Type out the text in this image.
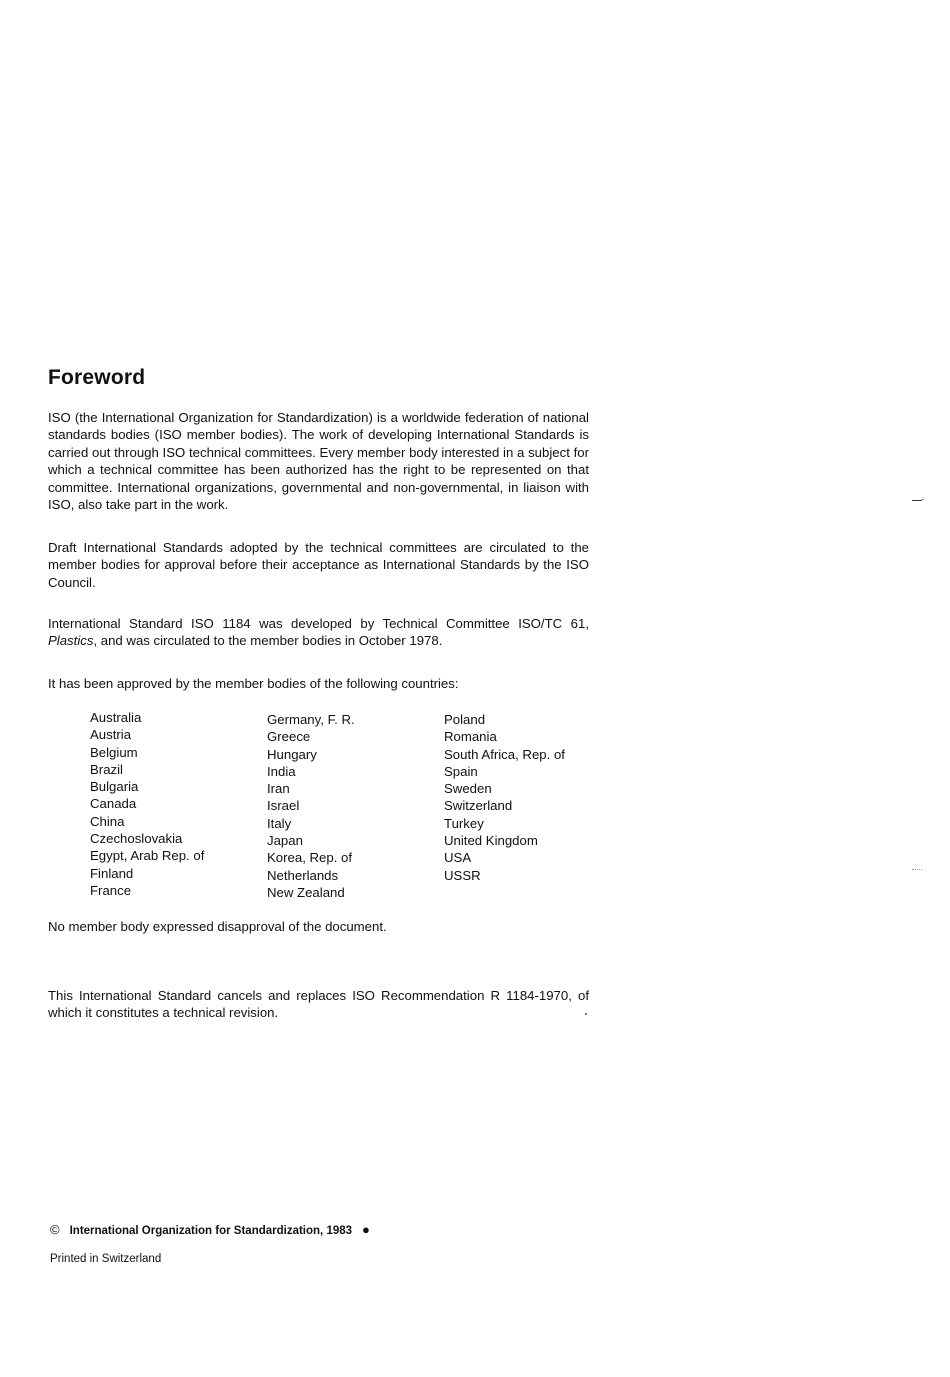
Foreword

ISO (the International Organization for Standardization) is a worldwide federation of national standards bodies (ISO member bodies). The work of developing International Standards is carried out through ISO technical committees. Every member body interested in a subject for which a technical committee has been authorized has the right to be represented on that committee. International organizations, governmental and non-governmental, in liaison with ISO, also take part in the work.

Draft International Standards adopted by the technical committees are circulated to the member bodies for approval before their acceptance as International Standards by the ISO Council.

International Standard ISO 1184 was developed by Technical Committee ISO/TC 61, Plastics, and was circulated to the member bodies in October 1978.

It has been approved by the member bodies of the following countries:

Australia
Austria
Belgium
Brazil
Bulgaria
Canada
China
Czechoslovakia
Egypt, Arab Rep. of
Finland
France
Germany, F. R.
Greece
Hungary
India
Iran
Israel
Italy
Japan
Korea, Rep. of
Netherlands
New Zealand
Poland
Romania
South Africa, Rep. of
Spain
Sweden
Switzerland
Turkey
United Kingdom
USA
USSR

No member body expressed disapproval of the document.

This International Standard cancels and replaces ISO Recommendation R 1184-1970, of which it constitutes a technical revision.

© International Organization for Standardization, 1983 ●
Printed in Switzerland
